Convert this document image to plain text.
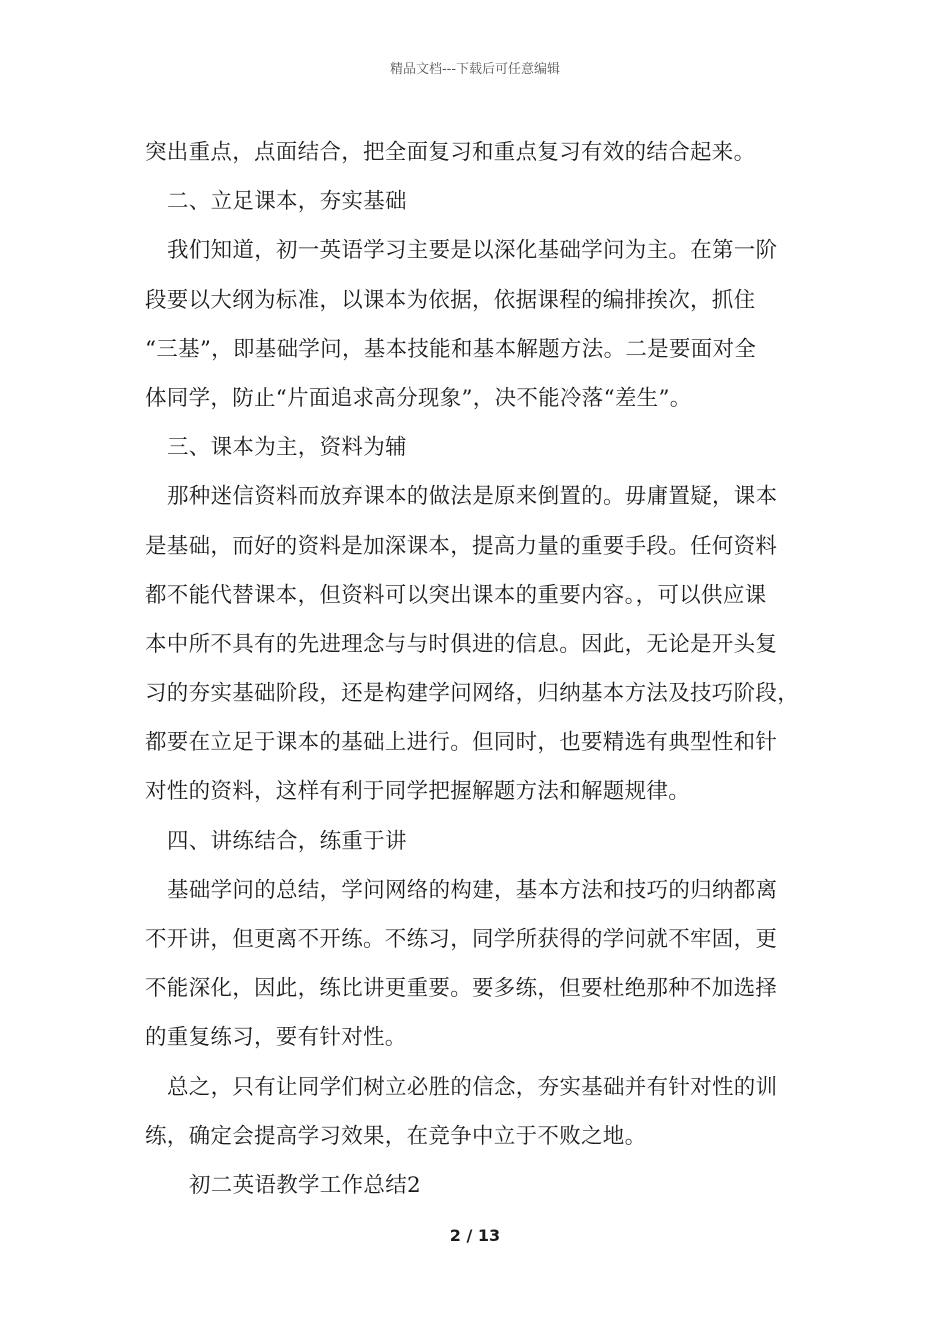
精品文档---下载后可任意编辑
突出重点，点面结合，把全面复习和重点复习有效的结合起来。
二、立足课本，夯实基础
我们知道，初一英语学习主要是以深化基础学问为主。在第一阶
段要以大纲为标准，以课本为依据，依据课程的编排挨次，抓住
“三基”，即基础学问，基本技能和基本解题方法。二是要面对全
体同学，防止“片面追求高分现象”，决不能冷落“差生”。
三、课本为主，资料为辅
那种迷信资料而放弃课本的做法是原来倒置的。毋庸置疑，课本
是基础，而好的资料是加深课本，提高力量的重要手段。任何资料
都不能代替课本，但资料可以突出课本的重要内容。，可以供应课
本中所不具有的先进理念与与时俱进的信息。因此，无论是开头复
习的夯实基础阶段，还是构建学问网络，归纳基本方法及技巧阶段，
都要在立足于课本的基础上进行。但同时，也要精选有典型性和针
对性的资料，这样有利于同学把握解题方法和解题规律。
四、讲练结合，练重于讲
基础学问的总结，学问网络的构建，基本方法和技巧的归纳都离
不开讲，但更离不开练。不练习，同学所获得的学问就不牢固，更
不能深化，因此，练比讲更重要。要多练，但要杜绝那种不加选择
的重复练习，要有针对性。
总之，只有让同学们树立必胜的信念，夯实基础并有针对性的训
练，确定会提高学习效果，在竞争中立于不败之地。
初二英语教学工作总结2
2 / 13
